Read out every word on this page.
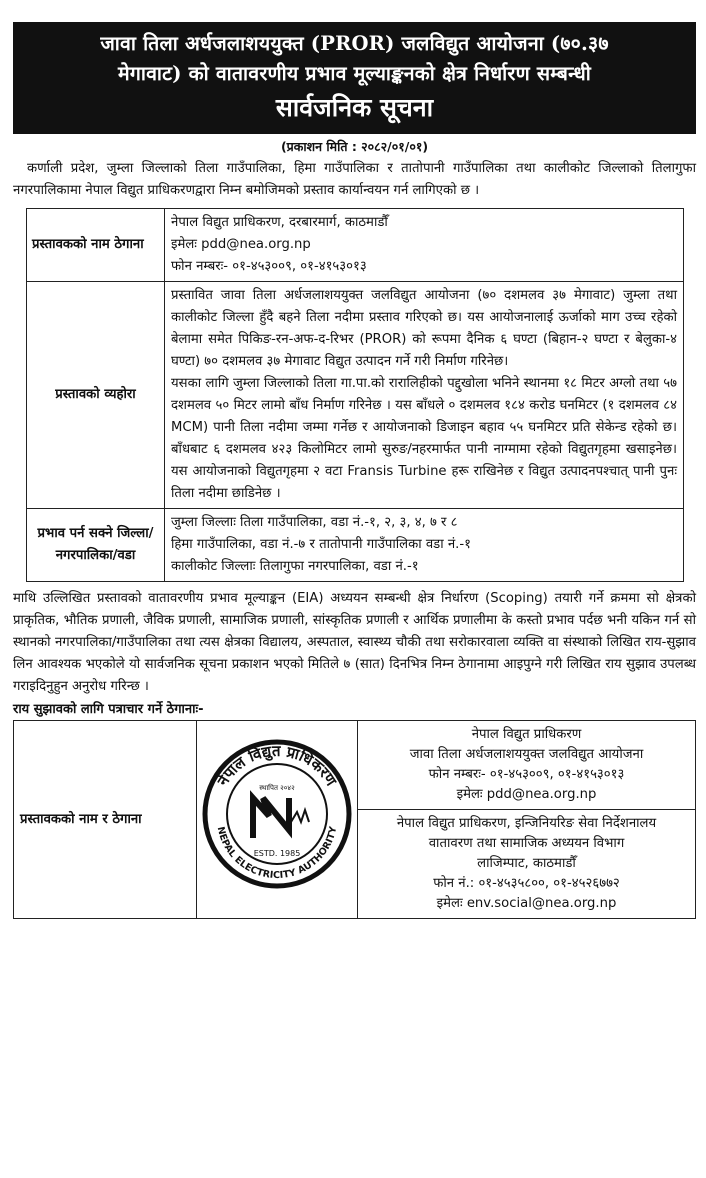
जावा तिला अर्धजलाशययुक्त (PROR) जलविद्युत आयोजना (७०.३७
मेगावाट) को वातावरणीय प्रभाव मूल्याङ्कनको क्षेत्र निर्धारण सम्बन्धी
सार्वजनिक सूचना
(प्रकाशन मिति : २०८२/०१/०१)
कर्णाली प्रदेश, जुम्ला जिल्लाको तिला गाउँपालिका, हिमा गाउँपालिका र तातोपानी गाउँपालिका तथा कालीकोट जिल्लाको तिलागुफा नगरपालिकामा नेपाल विद्युत प्राधिकरणद्वारा निम्न बमोजिमको प्रस्ताव कार्यान्वयन गर्न लागिएको छ ।
प्रस्तावकको नाम ठेगाना	नेपाल विद्युत प्राधिकरण, दरबारमार्ग, काठमाडौँ
इमेलः pdd@nea.org.np
फोन नम्बरः- ०१-४५३००९, ०१-४१५३०१३

प्रस्तावको व्यहोरा	प्रस्तावित जावा तिला अर्धजलाशययुक्त जलविद्युत आयोजना (७० दशमलव ३७ मेगावाट) जुम्ला तथा कालीकोट जिल्ला हुँदै बहने तिला नदीमा प्रस्ताव गरिएको छ। यस आयोजनालाई ऊर्जाको माग उच्च रहेको बेलामा समेत पिकिङ-रन-अफ-द-रिभर (PROR) को रूपमा दैनिक ६ घण्टा (बिहान-२ घण्टा र बेलुका-४ घण्टा) ७० दशमलव ३७ मेगावाट विद्युत उत्पादन गर्ने गरी निर्माण गरिनेछ।
यसका लागि जुम्ला जिल्लाको तिला गा.पा.को रारालिहीको पद्दुखोला भनिने स्थानमा १८ मिटर अग्लो तथा ५७ दशमलव ५० मिटर लामो बाँध निर्माण गरिनेछ । यस बाँधले ० दशमलव १८४ करोड घनमिटर (१ दशमलव ८४ MCM) पानी तिला नदीमा जम्मा गर्नेछ र आयोजनाको डिजाइन बहाव ५५ घनमिटर प्रति सेकेन्ड रहेको छ। बाँधबाट ६ दशमलव ४२३ किलोमिटर लामो सुरुङ/नहरमार्फत पानी नाग्मामा रहेको विद्युतगृहमा खसाइनेछ। यस आयोजनाको विद्युतगृहमा २ वटा Fransis Turbine हरू राखिनेछ र विद्युत उत्पादनपश्चात् पानी पुनः तिला नदीमा छाडिनेछ ।

प्रभाव पर्न सक्ने जिल्ला/ नगरपालिका/वडा	जुम्ला जिल्लाः तिला गाउँपालिका, वडा नं.-१, २, ३, ४, ७ र ८
हिमा गाउँपालिका, वडा नं.-७ र तातोपानी गाउँपालिका वडा नं.-१
कालीकोट जिल्लाः तिलागुफा नगरपालिका, वडा नं.-१
माथि उल्लिखित प्रस्तावको वातावरणीय प्रभाव मूल्याङ्कन (EIA) अध्ययन सम्बन्धी क्षेत्र निर्धारण (Scoping) तयारी गर्ने क्रममा सो क्षेत्रको प्राकृतिक, भौतिक प्रणाली, जैविक प्रणाली, सामाजिक प्रणाली, सांस्कृतिक प्रणाली र आर्थिक प्रणालीमा के कस्तो प्रभाव पर्दछ भनी यकिन गर्न सो स्थानको नगरपालिका/गाउँपालिका तथा त्यस क्षेत्रका विद्यालय, अस्पताल, स्वास्थ्य चौकी तथा सरोकारवाला व्यक्ति वा संस्थाको लिखित राय-सुझाव लिन आवश्यक भएकोले यो सार्वजनिक सूचना प्रकाशन भएको मितिले ७ (सात) दिनभित्र निम्न ठेगानामा आइपुग्ने गरी लिखित राय सुझाव उपलब्ध गराइदिनुहुन अनुरोध गरिन्छ ।
राय सुझावको लागि पत्राचार गर्ने ठेगानाः-
प्रस्तावकको नाम र ठेगाना	
नेपाल विद्युत प्राधिकरण
NEPAL ELECTRICITY AUTHORITY
स्थापित २०४२
ESTD. 1985

नेपाल विद्युत प्राधिकरण
जावा तिला अर्धजलाशययुक्त जलविद्युत आयोजना
फोन नम्बरः- ०१-४५३००९, ०१-४१५३०१३
इमेलः pdd@nea.org.np

नेपाल विद्युत प्राधिकरण, इन्जिनियरिङ सेवा निर्देशनालय
वातावरण तथा सामाजिक अध्ययन विभाग
लाजिम्पाट, काठमाडौँ
फोन नं.: ०१-४५३५८००, ०१-४५२६७७२
इमेलः env.social@nea.org.np
